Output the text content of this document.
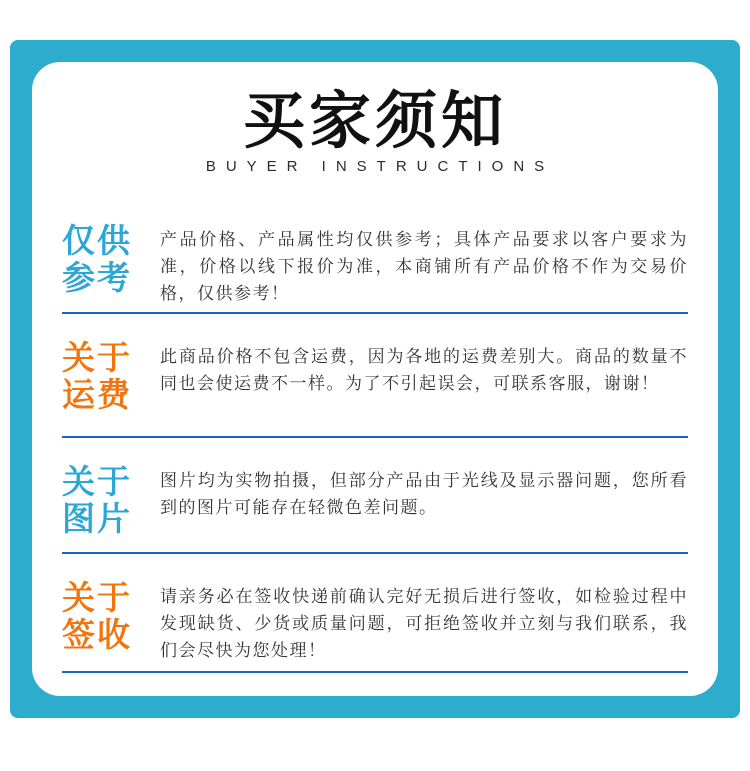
买家须知
BUYER INSTRUCTIONS
仅供
参考
产品价格、产品属性均仅供参考；具体产品要求以客户要求为准，价格以线下报价为准，本商铺所有产品价格不作为交易价格，仅供参考！
关于
运费
此商品价格不包含运费，因为各地的运费差别大。商品的数量不同也会使运费不一样。为了不引起误会，可联系客服，谢谢！
关于
图片
图片均为实物拍摄，但部分产品由于光线及显示器问题，您所看到的图片可能存在轻微色差问题。
关于
签收
请亲务必在签收快递前确认完好无损后进行签收，如检验过程中发现缺货、少货或质量问题，可拒绝签收并立刻与我们联系，我们会尽快为您处理！
